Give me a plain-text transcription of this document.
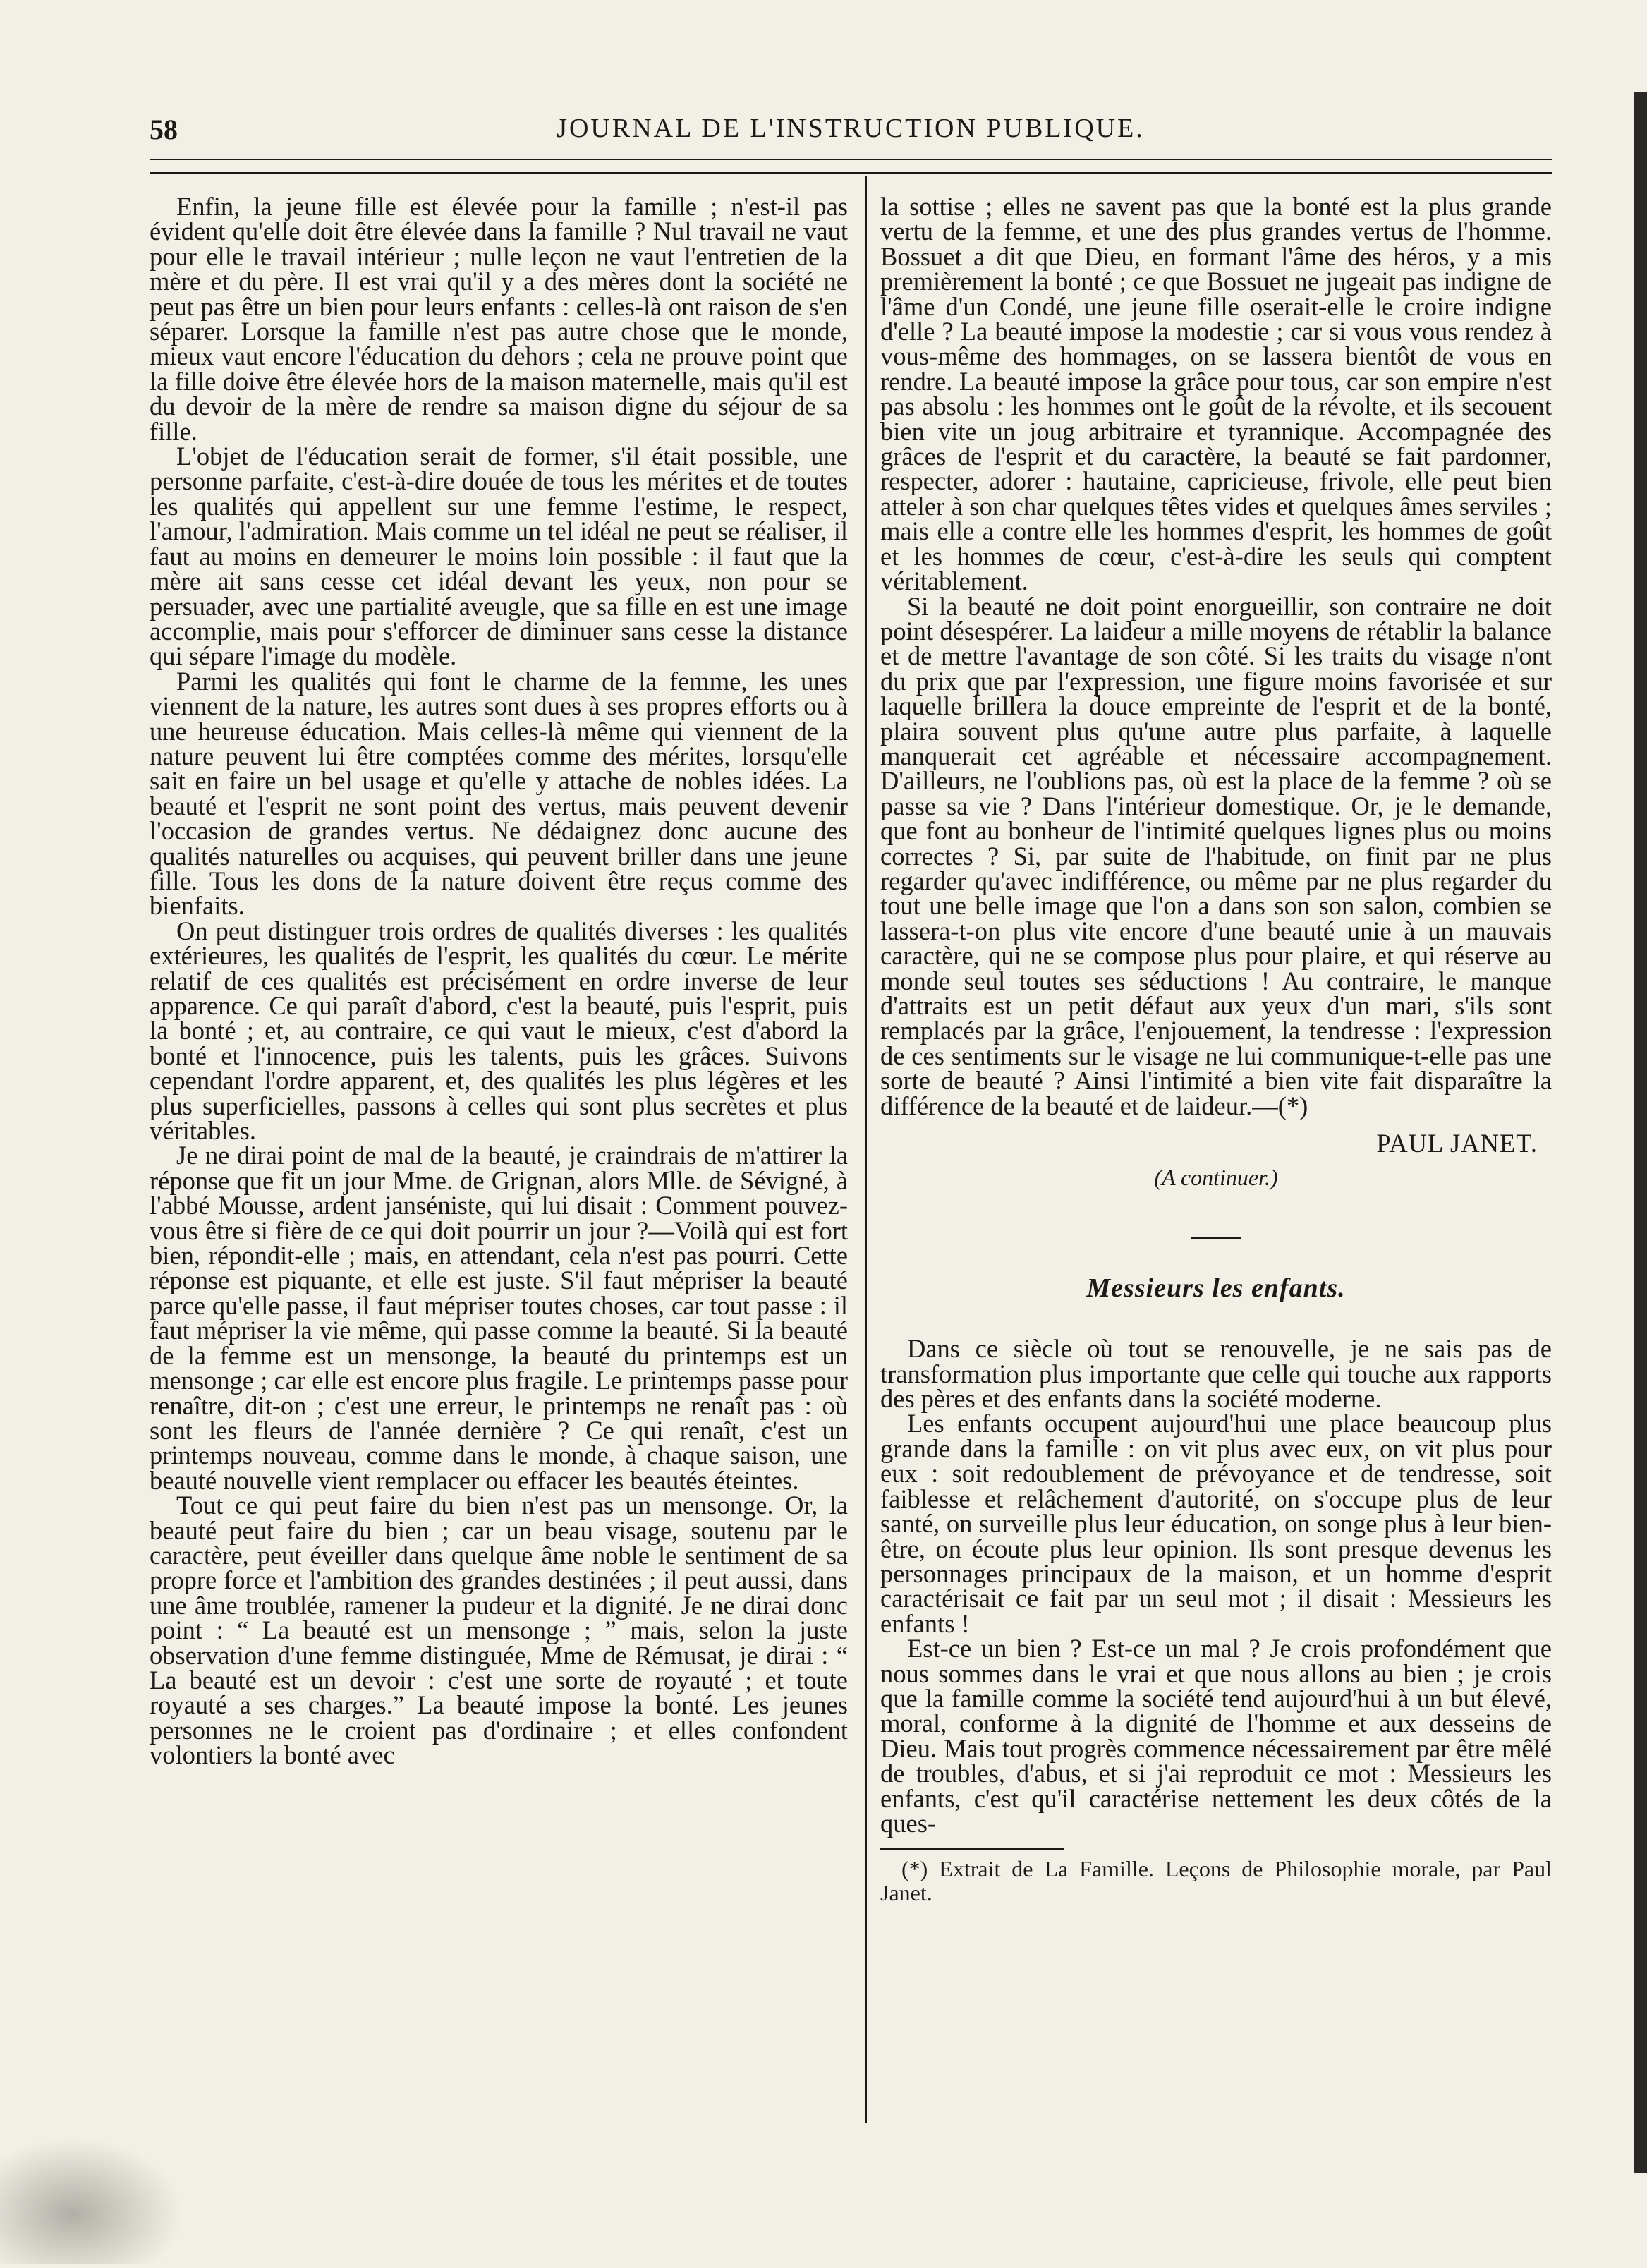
58	JOURNAL DE L'INSTRUCTION PUBLIQUE.

Enfin, la jeune fille est élevée pour la famille ; n'est-il pas évident qu'elle doit être élevée dans la famille ? Nul travail ne vaut pour elle le travail intérieur ; nulle leçon ne vaut l'entretien de la mère et du père. Il est vrai qu'il y a des mères dont la société ne peut pas être un bien pour leurs enfants : celles-là ont raison de s'en séparer. Lorsque la famille n'est pas autre chose que le monde, mieux vaut encore l'éducation du dehors ; cela ne prouve point que la fille doive être élevée hors de la maison maternelle, mais qu'il est du devoir de la mère de rendre sa maison digne du séjour de sa fille.

L'objet de l'éducation serait de former, s'il était possible, une personne parfaite, c'est-à-dire douée de tous les mérites et de toutes les qualités qui appellent sur une femme l'estime, le respect, l'amour, l'admiration. Mais comme un tel idéal ne peut se réaliser, il faut au moins en demeurer le moins loin possible : il faut que la mère ait sans cesse cet idéal devant les yeux, non pour se persuader, avec une partialité aveugle, que sa fille en est une image accomplie, mais pour s'efforcer de diminuer sans cesse la distance qui sépare l'image du modèle.

Parmi les qualités qui font le charme de la femme, les unes viennent de la nature, les autres sont dues à ses propres efforts ou à une heureuse éducation. Mais celles-là même qui viennent de la nature peuvent lui être comptées comme des mérites, lorsqu'elle sait en faire un bel usage et qu'elle y attache de nobles idées. La beauté et l'esprit ne sont point des vertus, mais peuvent devenir l'occasion de grandes vertus. Ne dédaignez donc aucune des qualités naturelles ou acquises, qui peuvent briller dans une jeune fille. Tous les dons de la nature doivent être reçus comme des bienfaits.

On peut distinguer trois ordres de qualités diverses : les qualités extérieures, les qualités de l'esprit, les qualités du cœur. Le mérite relatif de ces qualités est précisément en ordre inverse de leur apparence. Ce qui paraît d'abord, c'est la beauté, puis l'esprit, puis la bonté ; et, au contraire, ce qui vaut le mieux, c'est d'abord la bonté et l'innocence, puis les talents, puis les grâces. Suivons cependant l'ordre apparent, et, des qualités les plus légères et les plus superficielles, passons à celles qui sont plus secrètes et plus véritables.

Je ne dirai point de mal de la beauté, je craindrais de m'attirer la réponse que fit un jour Mme. de Grignan, alors Mlle. de Sévigné, à l'abbé Mousse, ardent janséniste, qui lui disait : Comment pouvez-vous être si fière de ce qui doit pourrir un jour ?—Voilà qui est fort bien, répondit-elle ; mais, en attendant, cela n'est pas pourri. Cette réponse est piquante, et elle est juste. S'il faut mépriser la beauté parce qu'elle passe, il faut mépriser toutes choses, car tout passe : il faut mépriser la vie même, qui passe comme la beauté. Si la beauté de la femme est un mensonge, la beauté du printemps est un mensonge ; car elle est encore plus fragile. Le printemps passe pour renaître, dit-on ; c'est une erreur, le printemps ne renaît pas : où sont les fleurs de l'année dernière ? Ce qui renaît, c'est un printemps nouveau, comme dans le monde, à chaque saison, une beauté nouvelle vient remplacer ou effacer les beautés éteintes.

Tout ce qui peut faire du bien n'est pas un mensonge. Or, la beauté peut faire du bien ; car un beau visage, soutenu par le caractère, peut éveiller dans quelque âme noble le sentiment de sa propre force et l'ambition des grandes destinées ; il peut aussi, dans une âme troublée, ramener la pudeur et la dignité. Je ne dirai donc point : “ La beauté est un mensonge ; ” mais, selon la juste observation d'une femme distinguée, Mme de Rémusat, je dirai : “ La beauté est un devoir : c'est une sorte de royauté ; et toute royauté a ses charges.” La beauté impose la bonté. Les jeunes personnes ne le croient pas d'ordinaire ; et elles confondent volontiers la bonté avec

la sottise ; elles ne savent pas que la bonté est la plus grande vertu de la femme, et une des plus grandes vertus de l'homme. Bossuet a dit que Dieu, en formant l'âme des héros, y a mis premièrement la bonté ; ce que Bossuet ne jugeait pas indigne de l'âme d'un Condé, une jeune fille oserait-elle le croire indigne d'elle ? La beauté impose la modestie ; car si vous vous rendez à vous-même des hommages, on se lassera bientôt de vous en rendre. La beauté impose la grâce pour tous, car son empire n'est pas absolu : les hommes ont le goût de la révolte, et ils secouent bien vite un joug arbitraire et tyrannique. Accompagnée des grâces de l'esprit et du caractère, la beauté se fait pardonner, respecter, adorer : hautaine, capricieuse, frivole, elle peut bien atteler à son char quelques têtes vides et quelques âmes serviles ; mais elle a contre elle les hommes d'esprit, les hommes de goût et les hommes de cœur, c'est-à-dire les seuls qui comptent véritablement.

Si la beauté ne doit point enorgueillir, son contraire ne doit point désespérer. La laideur a mille moyens de rétablir la balance et de mettre l'avantage de son côté. Si les traits du visage n'ont du prix que par l'expression, une figure moins favorisée et sur laquelle brillera la douce empreinte de l'esprit et de la bonté, plaira souvent plus qu'une autre plus parfaite, à laquelle manquerait cet agréable et nécessaire accompagnement. D'ailleurs, ne l'oublions pas, où est la place de la femme ? où se passe sa vie ? Dans l'intérieur domestique. Or, je le demande, que font au bonheur de l'intimité quelques lignes plus ou moins correctes ? Si, par suite de l'habitude, on finit par ne plus regarder qu'avec indifférence, ou même par ne plus regarder du tout une belle image que l'on a dans son son salon, combien se lassera-t-on plus vite encore d'une beauté unie à un mauvais caractère, qui ne se compose plus pour plaire, et qui réserve au monde seul toutes ses séductions ! Au contraire, le manque d'attraits est un petit défaut aux yeux d'un mari, s'ils sont remplacés par la grâce, l'enjouement, la tendresse : l'expression de ces sentiments sur le visage ne lui communique-t-elle pas une sorte de beauté ? Ainsi l'intimité a bien vite fait disparaître la différence de la beauté et de laideur.—(*)

PAUL JANET.

(A continuer.)

Messieurs les enfants.

Dans ce siècle où tout se renouvelle, je ne sais pas de transformation plus importante que celle qui touche aux rapports des pères et des enfants dans la société moderne.

Les enfants occupent aujourd'hui une place beaucoup plus grande dans la famille : on vit plus avec eux, on vit plus pour eux : soit redoublement de prévoyance et de tendresse, soit faiblesse et relâchement d'autorité, on s'occupe plus de leur santé, on surveille plus leur éducation, on songe plus à leur bien-être, on écoute plus leur opinion. Ils sont presque devenus les personnages principaux de la maison, et un homme d'esprit caractérisait ce fait par un seul mot ; il disait : Messieurs les enfants !

Est-ce un bien ? Est-ce un mal ? Je crois profondément que nous sommes dans le vrai et que nous allons au bien ; je crois que la famille comme la société tend aujourd'hui à un but élevé, moral, conforme à la dignité de l'homme et aux desseins de Dieu. Mais tout progrès commence nécessairement par être mêlé de troubles, d'abus, et si j'ai reproduit ce mot : Messieurs les enfants, c'est qu'il caractérise nettement les deux côtés de la ques-

(*) Extrait de La Famille. Leçons de Philosophie morale, par Paul Janet.
